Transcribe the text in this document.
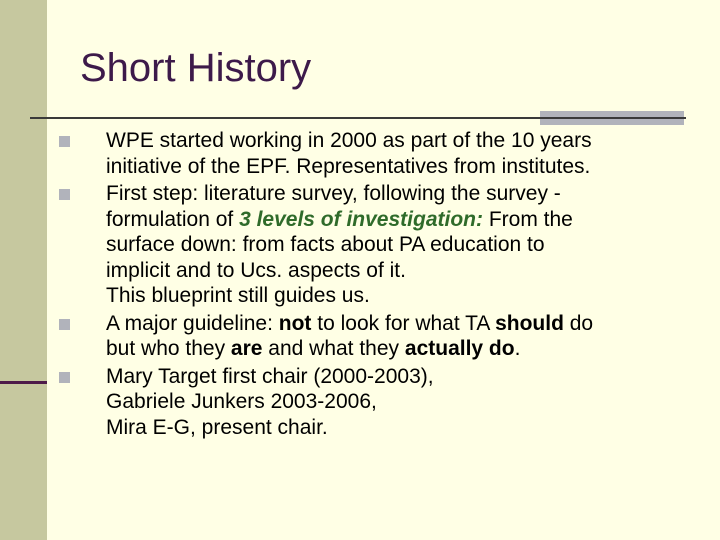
Short History
WPE started working in 2000 as part of the 10 years
initiative of the EPF. Representatives from institutes.
First step: literature survey, following the survey -
formulation of 3 levels of investigation: From the
surface down: from facts about PA education to
implicit and to Ucs. aspects of it.
This blueprint still guides us.
A major guideline: not to look for what TA should do
but who they are and what they actually do.
Mary Target first chair (2000-2003),
Gabriele Junkers 2003-2006,
Mira E-G, present chair.
